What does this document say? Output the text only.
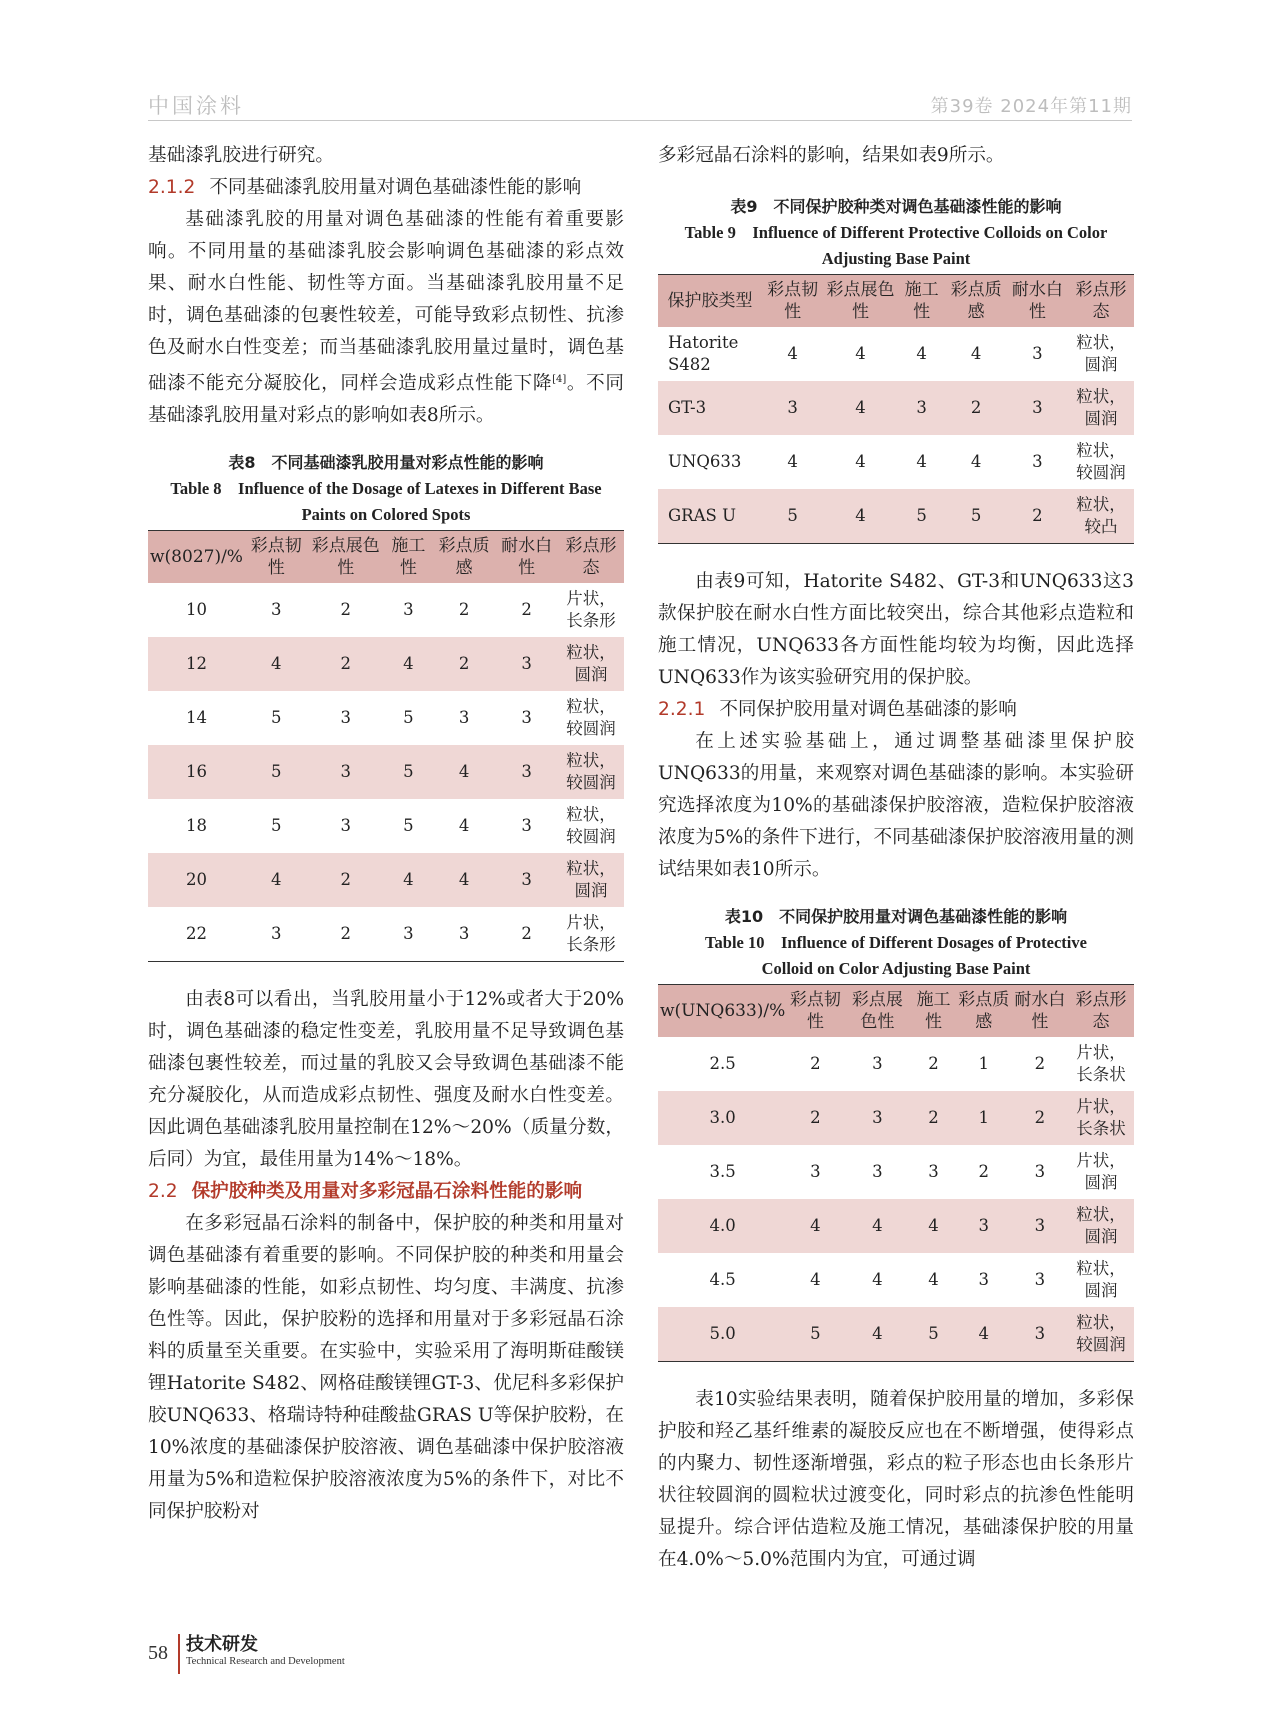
中国涂料	第39卷 2024年第11期

基础漆乳胶进行研究。

2.1.2 不同基础漆乳胶用量对调色基础漆性能的影响

基础漆乳胶的用量对调色基础漆的性能有着重要影响。不同用量的基础漆乳胶会影响调色基础漆的彩点效果、耐水白性能、韧性等方面。当基础漆乳胶用量不足时，调色基础漆的包裹性较差，可能导致彩点韧性、抗渗色及耐水白性变差；而当基础漆乳胶用量过量时，调色基础漆不能充分凝胶化，同样会造成彩点性能下降[4]。不同基础漆乳胶用量对彩点的影响如表8所示。

表8　不同基础漆乳胶用量对彩点性能的影响

Table 8　Influence of the Dosage of Latexes in Different Base Paints on Colored Spots

w(8027)/%	彩点韧性	彩点展色性	施工性	彩点质感	耐水白性	彩点形态
10	3	2	3	2	2	片状，长条形
12	4	2	4	2	3	粒状，圆润
14	5	3	5	3	3	粒状，较圆润
16	5	3	5	4	3	粒状，较圆润
18	5	3	5	4	3	粒状，较圆润
20	4	2	4	4	3	粒状，圆润
22	3	2	3	3	2	片状，长条形

由表8可以看出，当乳胶用量小于12%或者大于20%时，调色基础漆的稳定性变差，乳胶用量不足导致调色基础漆包裹性较差，而过量的乳胶又会导致调色基础漆不能充分凝胶化，从而造成彩点韧性、强度及耐水白性变差。因此调色基础漆乳胶用量控制在12%～20%（质量分数，后同）为宜，最佳用量为14%～18%。

2.2 保护胶种类及用量对多彩冠晶石涂料性能的影响

在多彩冠晶石涂料的制备中，保护胶的种类和用量对调色基础漆有着重要的影响。不同保护胶的种类和用量会影响基础漆的性能，如彩点韧性、均匀度、丰满度、抗渗色性等。因此，保护胶粉的选择和用量对于多彩冠晶石涂料的质量至关重要。在实验中，实验采用了海明斯硅酸镁锂Hatorite S482、网格硅酸镁锂GT-3、优尼科多彩保护胶UNQ633、格瑞诗特种硅酸盐GRAS U等保护胶粉，在10%浓度的基础漆保护胶溶液、调色基础漆中保护胶溶液用量为5%和造粒保护胶溶液浓度为5%的条件下，对比不同保护胶粉对

多彩冠晶石涂料的影响，结果如表9所示。

表9　不同保护胶种类对调色基础漆性能的影响

Table 9　Influence of Different Protective Colloids on Color Adjusting Base Paint

保护胶类型	彩点韧性	彩点展色性	施工性	彩点质感	耐水白性	彩点形态
Hatorite S482	4	4	4	4	3	粒状，圆润
GT-3	3	4	3	2	3	粒状，圆润
UNQ633	4	4	4	4	3	粒状，较圆润
GRAS U	5	4	5	5	2	粒状，较凸

由表9可知，Hatorite S482、GT-3和UNQ633这3款保护胶在耐水白性方面比较突出，综合其他彩点造粒和施工情况，UNQ633各方面性能均较为均衡，因此选择UNQ633作为该实验研究用的保护胶。

2.2.1 不同保护胶用量对调色基础漆的影响

在上述实验基础上，通过调整基础漆里保护胶UNQ633的用量，来观察对调色基础漆的影响。本实验研究选择浓度为10%的基础漆保护胶溶液，造粒保护胶溶液浓度为5%的条件下进行，不同基础漆保护胶溶液用量的测试结果如表10所示。

表10　不同保护胶用量对调色基础漆性能的影响

Table 10　Influence of Different Dosages of Protective Colloid on Color Adjusting Base Paint

w(UNQ633)/%	彩点韧性	彩点展色性	施工性	彩点质感	耐水白性	彩点形态
2.5	2	3	2	1	2	片状，长条状
3.0	2	3	2	1	2	片状，长条状
3.5	3	3	3	2	3	片状，圆润
4.0	4	4	4	3	3	粒状，圆润
4.5	4	4	4	3	3	粒状，圆润
5.0	5	4	5	4	3	粒状，较圆润

表10实验结果表明，随着保护胶用量的增加，多彩保护胶和羟乙基纤维素的凝胶反应也在不断增强，使得彩点的内聚力、韧性逐渐增强，彩点的粒子形态也由长条形片状往较圆润的圆粒状过渡变化，同时彩点的抗渗色性能明显提升。综合评估造粒及施工情况，基础漆保护胶的用量在4.0%～5.0%范围内为宜，可通过调

58 技术研发
Technical Research and Development
